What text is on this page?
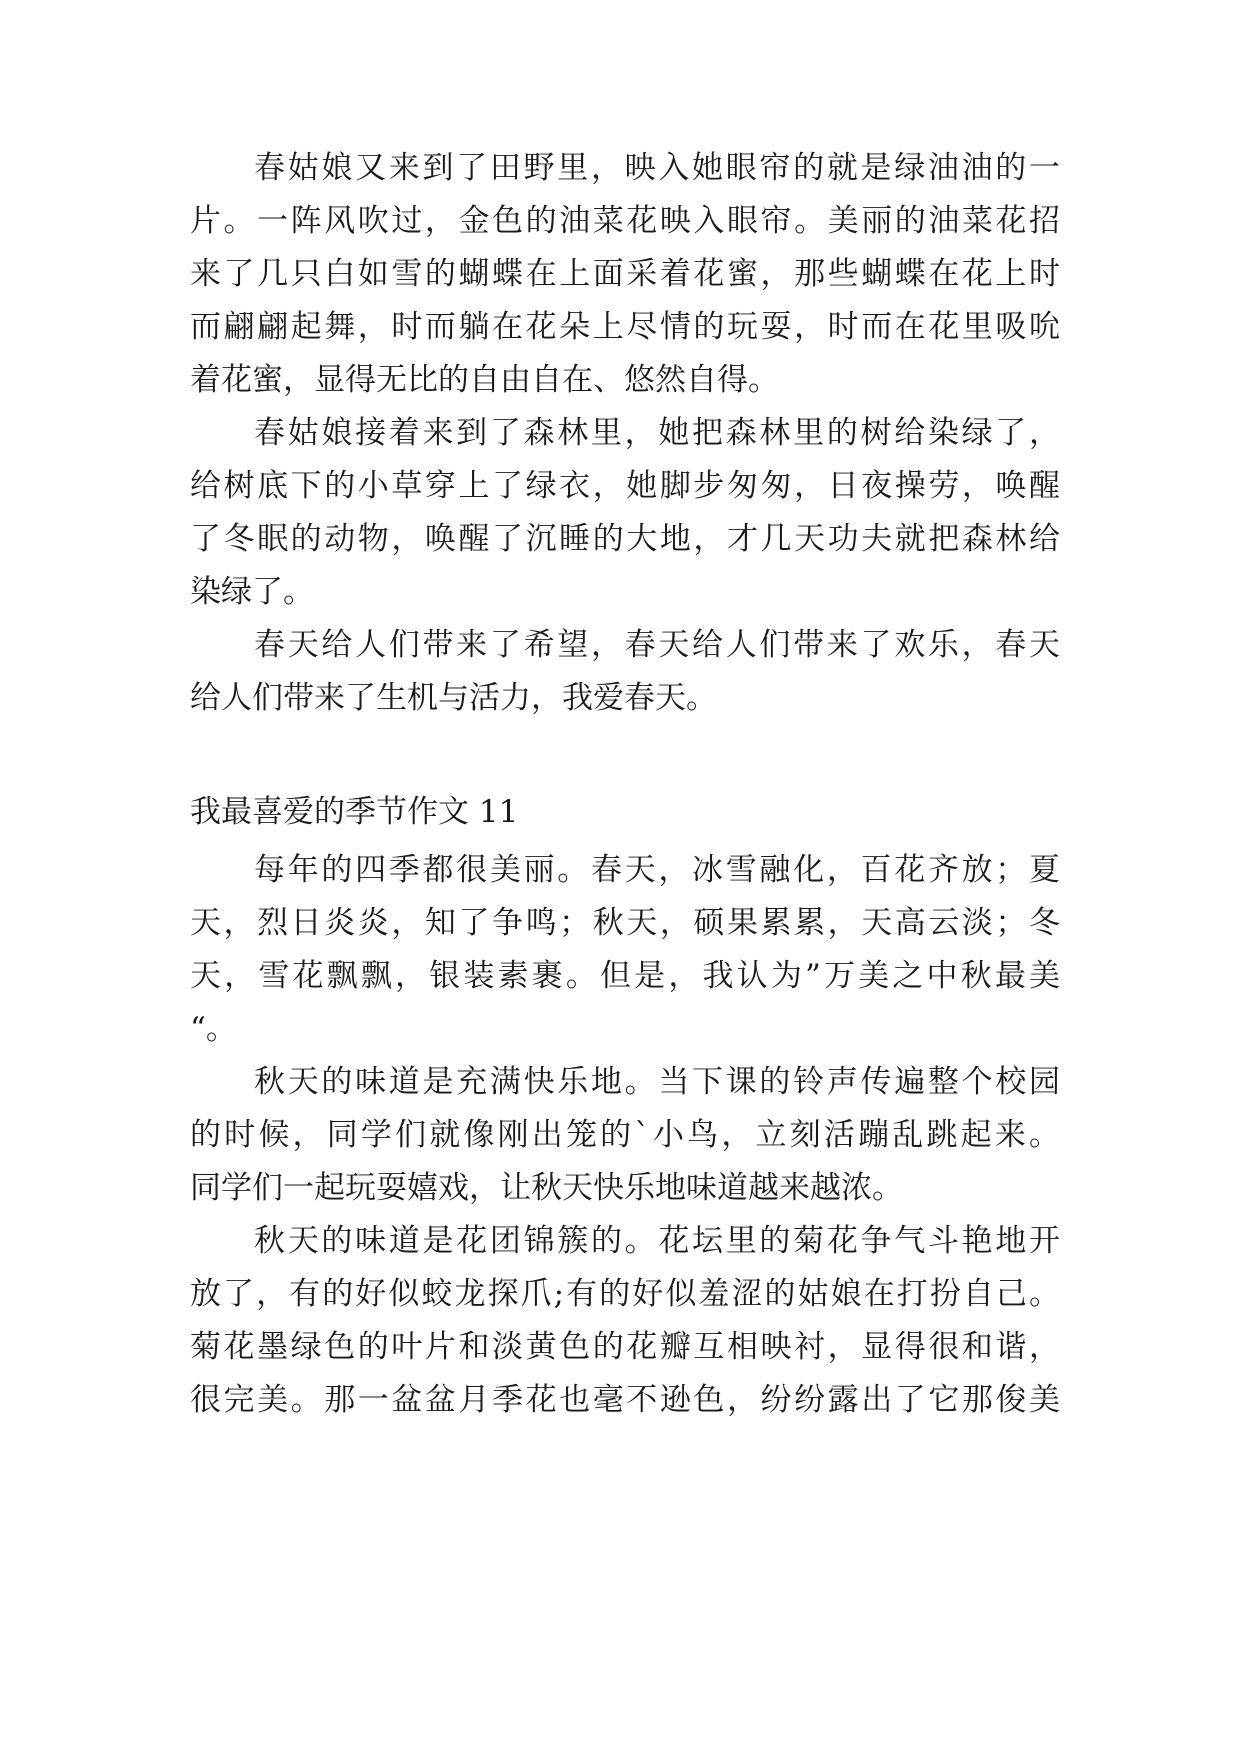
春姑娘又来到了田野里，映入她眼帘的就是绿油油的一
片。一阵风吹过，金色的油菜花映入眼帘。美丽的油菜花招
来了几只白如雪的蝴蝶在上面采着花蜜，那些蝴蝶在花上时
而翩翩起舞，时而躺在花朵上尽情的玩耍，时而在花里吸吮
着花蜜，显得无比的自由自在、悠然自得。
春姑娘接着来到了森林里，她把森林里的树给染绿了，
给树底下的小草穿上了绿衣，她脚步匆匆，日夜操劳，唤醒
了冬眠的动物，唤醒了沉睡的大地，才几天功夫就把森林给
染绿了。
春天给人们带来了希望，春天给人们带来了欢乐，春天
给人们带来了生机与活力，我爱春天。
我最喜爱的季节作文 11
每年的四季都很美丽。春天，冰雪融化，百花齐放；夏
天，烈日炎炎，知了争鸣；秋天，硕果累累，天高云淡；冬
天，雪花飘飘，银装素裹。但是，我认为”万美之中秋最美
“。
秋天的味道是充满快乐地。当下课的铃声传遍整个校园
的时候，同学们就像刚出笼的`小鸟，立刻活蹦乱跳起来。
同学们一起玩耍嬉戏，让秋天快乐地味道越来越浓。
秋天的味道是花团锦簇的。花坛里的菊花争气斗艳地开
放了，有的好似蛟龙探爪;有的好似羞涩的姑娘在打扮自己。
菊花墨绿色的叶片和淡黄色的花瓣互相映衬，显得很和谐，
很完美。那一盆盆月季花也毫不逊色，纷纷露出了它那俊美
